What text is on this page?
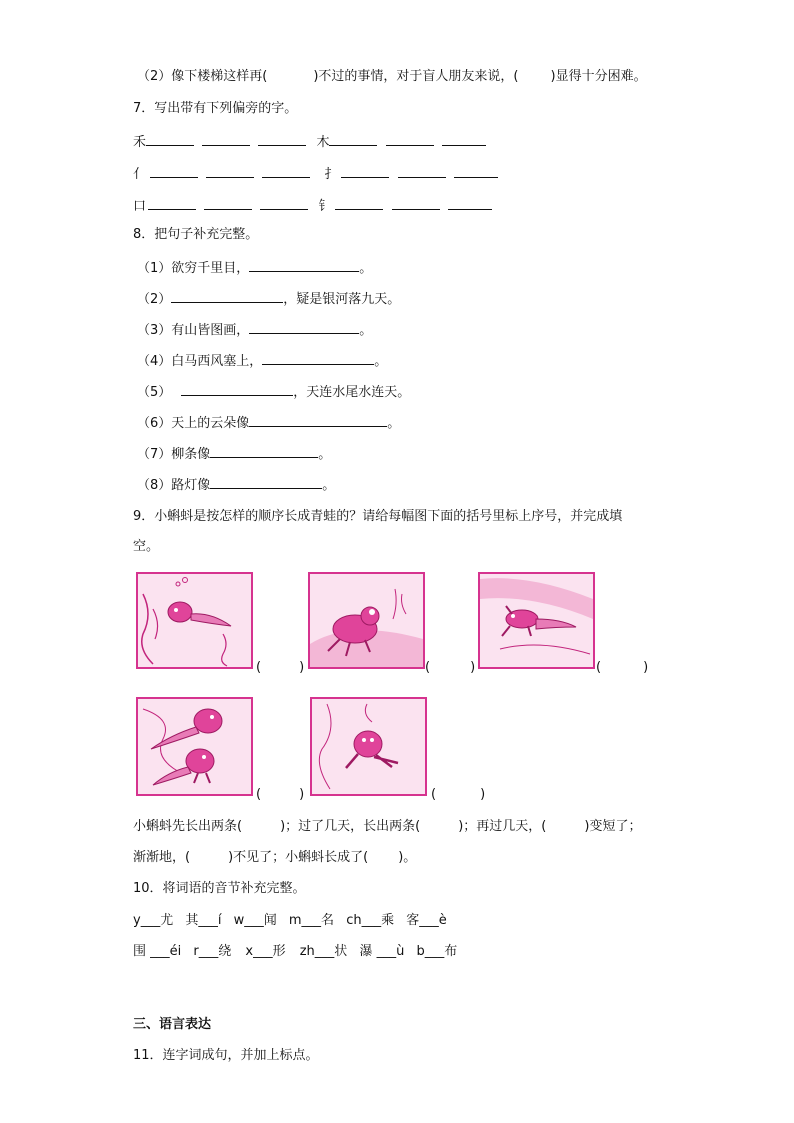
（2）像下楼梯这样再(	)不过的事情，对于盲人朋友来说，( )显得十分困难。
7．写出带有下列偏旁的字。
禾	木
亻	扌
口	钅
8．把句子补充完整。
（1）欲穷千里目，	。
（2）	，疑是银河落九天。
（3）有山皆图画，	。
（4）白马西风塞上，	。
（5）	，天连水尾水连天。
（6）天上的云朵像	。
（7）柳条像	。
（8）路灯像	。
9．小蝌蚪是按怎样的顺序长成青蛙的？请给每幅图下面的括号里标上序号，并完成填
空。
(	)	(	)	(	)
(	)	(	)
小蝌蚪先长出两条(	)；过了几天，长出两条(	)；再过几天，(	)变短了；
渐渐地，(	)不见了；小蝌蚪长成了( )。
10．将词语的音节补充完整。
y___尤 其___í w___闻 m___名 ch___乘 客___è
围 ___éi r___绕 x___形 zh___状 瀑 ___ù b___布
三、语言表达
11．连字词成句，并加上标点。
